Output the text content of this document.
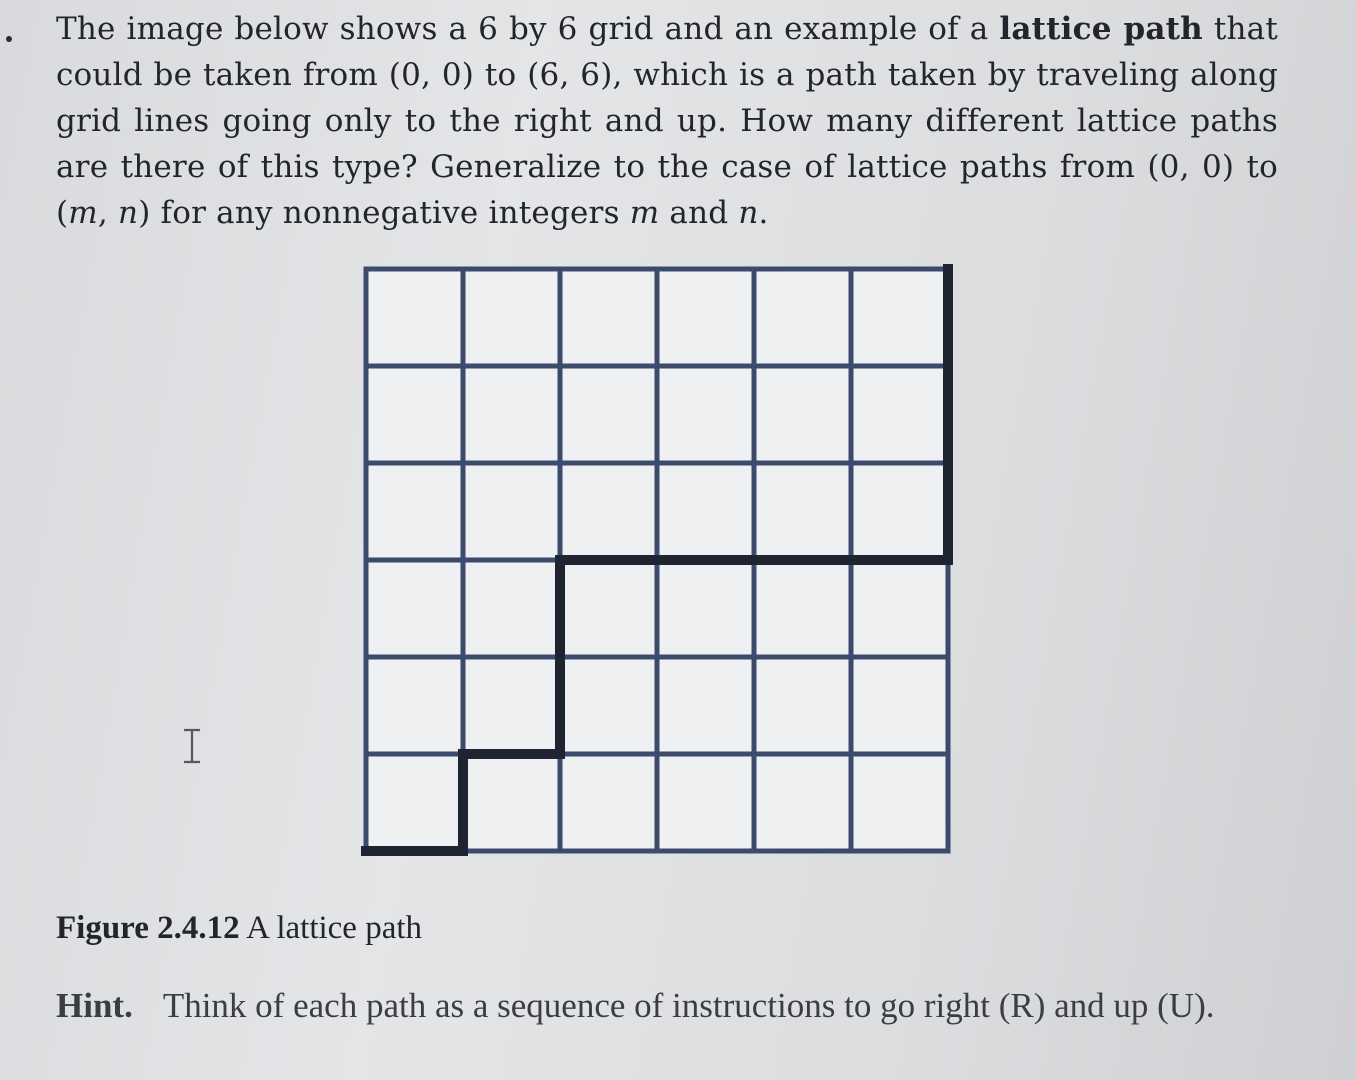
The image below shows a 6 by 6 grid and an example of a lattice path that could be taken from (0, 0) to (6, 6), which is a path taken by traveling along grid lines going only to the right and up. How many different lattice paths are there of this type? Generalize to the case of lattice paths from (0, 0) to (m, n) for any nonnegative integers m and n.

Figure 2.4.12 A lattice path

Hint. Think of each path as a sequence of instructions to go right (R) and up (U).
